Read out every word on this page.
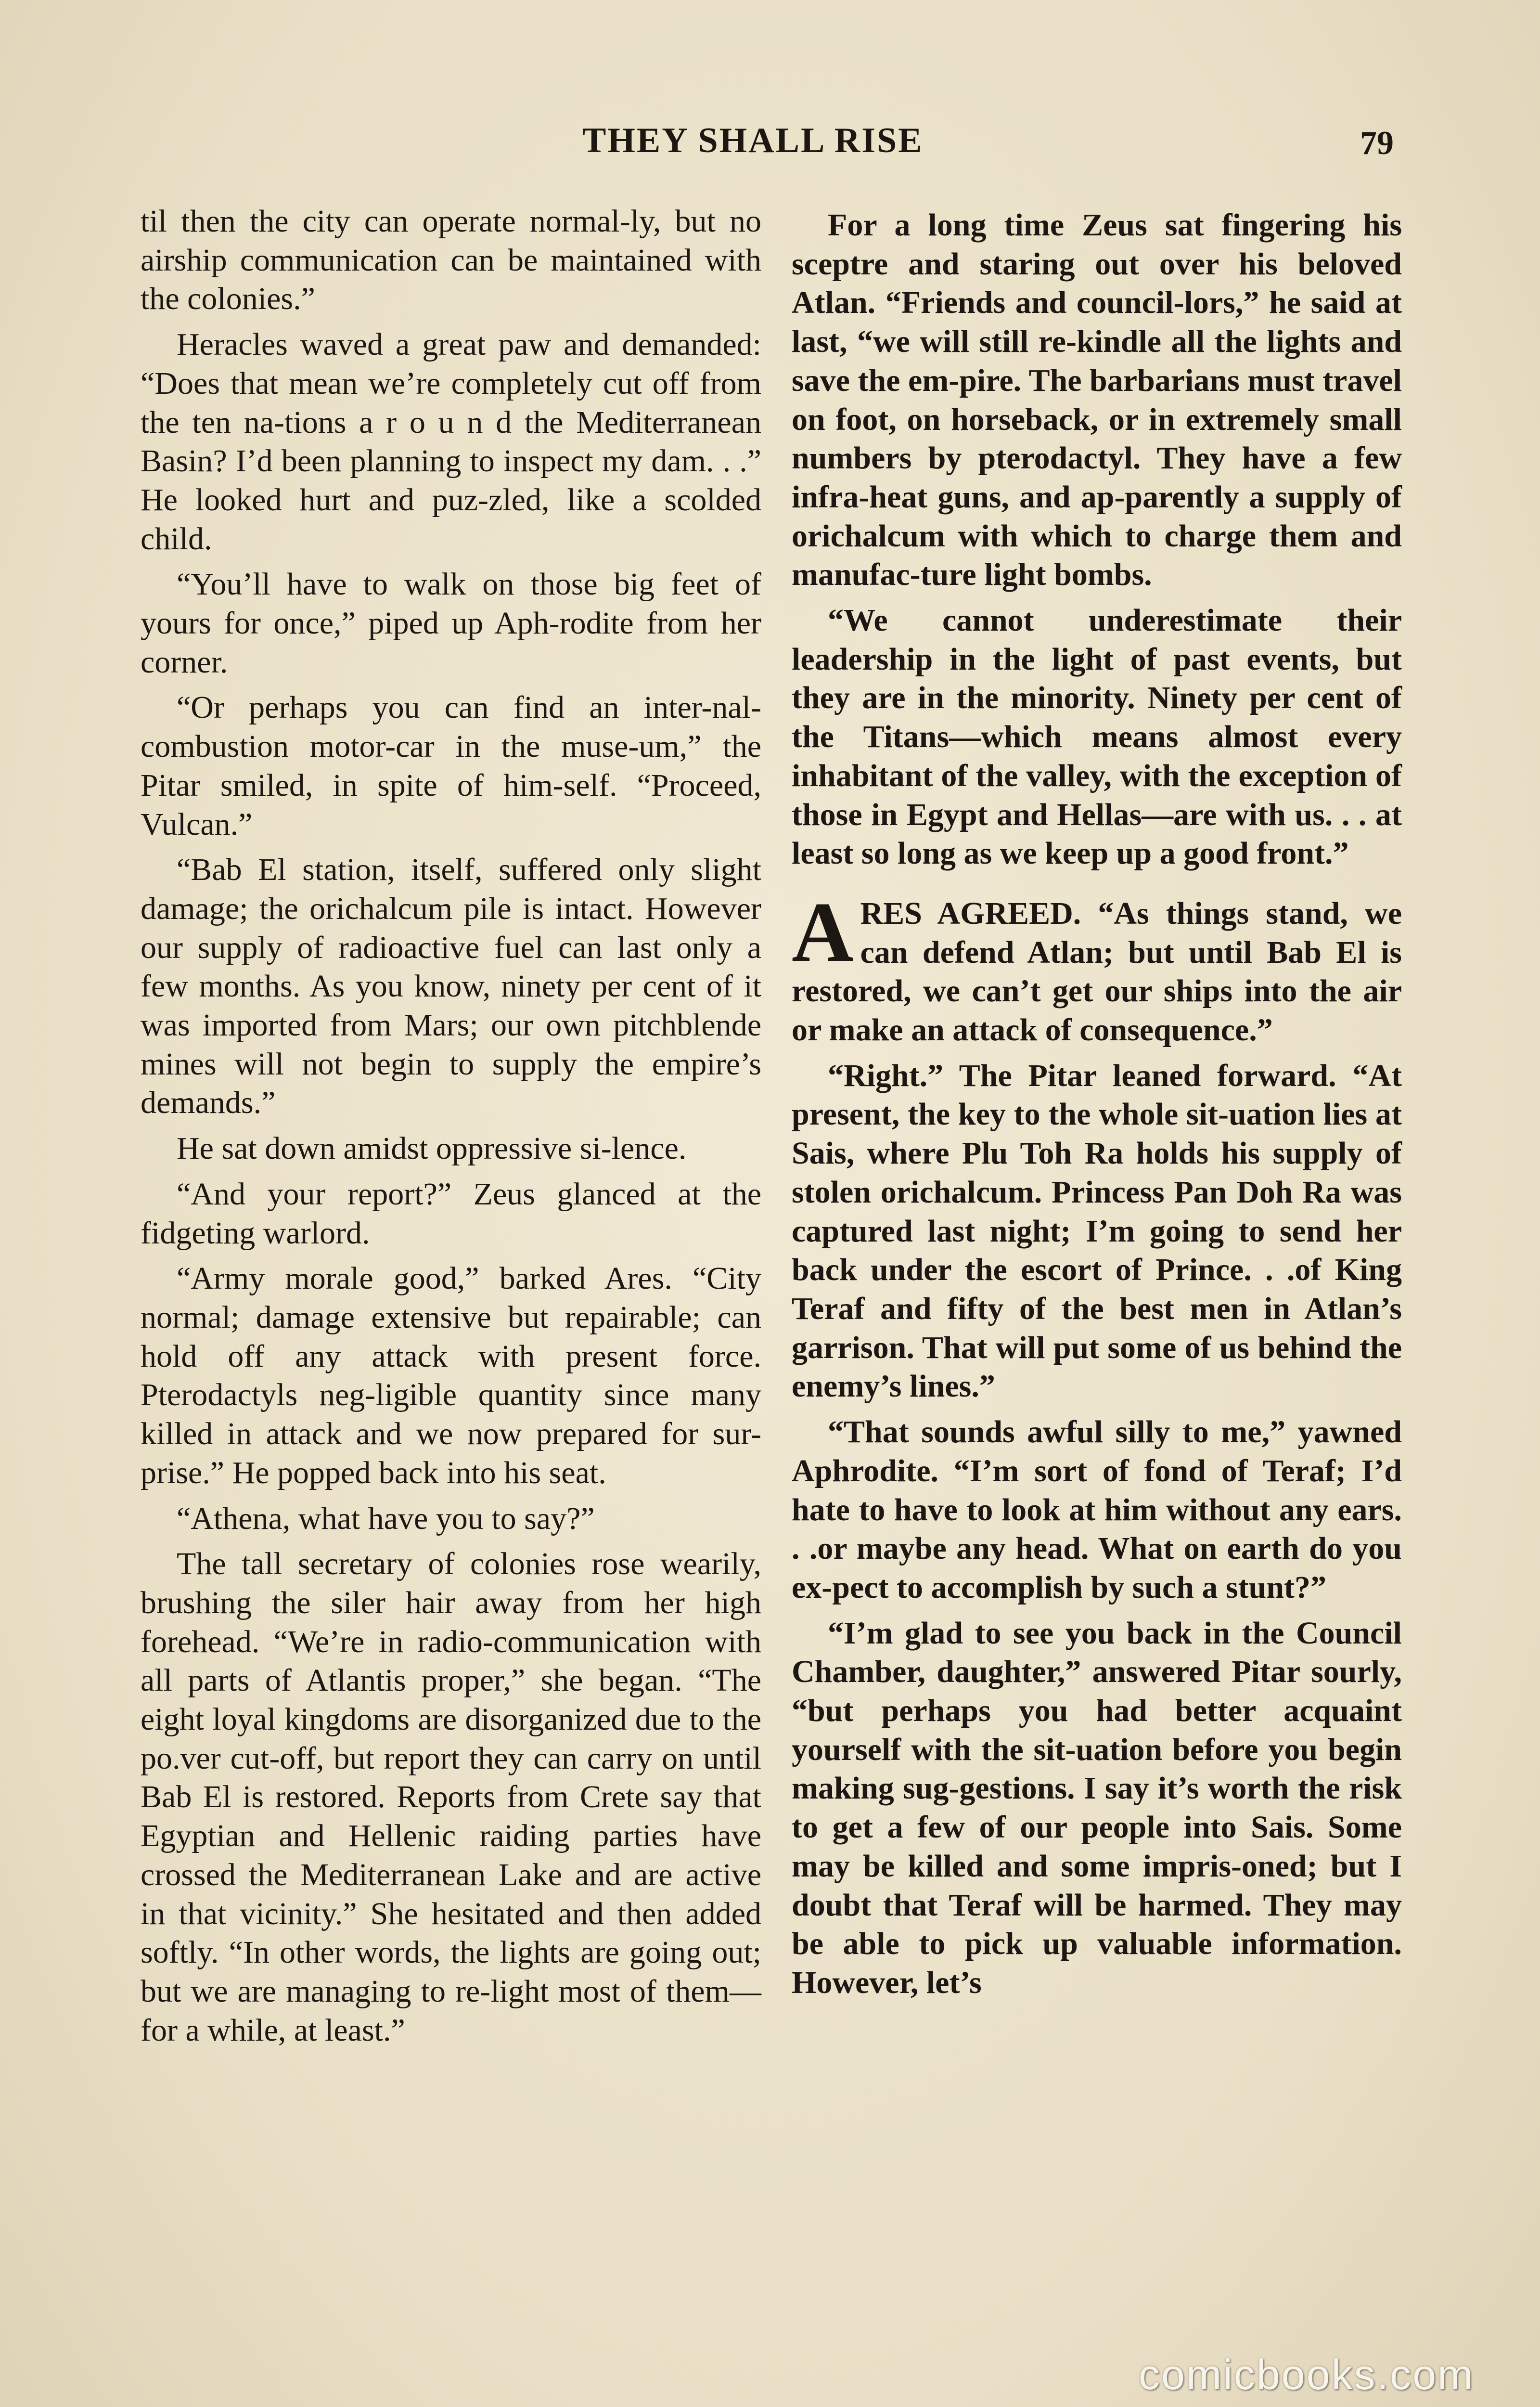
THEY SHALL RISE	79

til then the city can operate normal-ly, but no airship communication can be maintained with the colonies.”

Heracles waved a great paw and demanded: “Does that mean we’re completely cut off from the ten na-tions a r o u n d the Mediterranean Basin? I’d been planning to inspect my dam. . .” He looked hurt and puz-zled, like a scolded child.

“You’ll have to walk on those big feet of yours for once,” piped up Aph-rodite from her corner.

“Or perhaps you can find an inter-nal-combustion motor-car in the muse-um,” the Pitar smiled, in spite of him-self. “Proceed, Vulcan.”

“Bab El station, itself, suffered only slight damage; the orichalcum pile is intact. However our supply of radioactive fuel can last only a few months. As you know, ninety per cent of it was imported from Mars; our own pitchblende mines will not begin to supply the empire’s demands.”

He sat down amidst oppressive si-lence.

“And your report?” Zeus glanced at the fidgeting warlord.

“Army morale good,” barked Ares. “City normal; damage extensive but repairable; can hold off any attack with present force. Pterodactyls neg-ligible quantity since many killed in attack and we now prepared for sur-prise.” He popped back into his seat.

“Athena, what have you to say?”

The tall secretary of colonies rose wearily, brushing the siler hair away from her high forehead. “We’re in radio-communication with all parts of Atlantis proper,” she began. “The eight loyal kingdoms are disorganized due to the po.ver cut-off, but report they can carry on until Bab El is restored. Reports from Crete say that Egyptian and Hellenic raiding parties have crossed the Mediterranean Lake and are active in that vicinity.” She hesitated and then added softly. “In other words, the lights are going out; but we are managing to re-light most of them—for a while, at least.”

For a long time Zeus sat fingering his sceptre and staring out over his beloved Atlan. “Friends and council-lors,” he said at last, “we will still re-kindle all the lights and save the em-pire. The barbarians must travel on foot, on horseback, or in extremely small numbers by pterodactyl. They have a few infra-heat guns, and ap-parently a supply of orichalcum with which to charge them and manufac-ture light bombs.

“We cannot underestimate their leadership in the light of past events, but they are in the minority. Ninety per cent of the Titans—which means almost every inhabitant of the valley, with the exception of those in Egypt and Hellas—are with us. . . at least so long as we keep up a good front.”

ARES AGREED. “As things stand, we can defend Atlan; but until Bab El is restored, we can’t get our ships into the air or make an attack of consequence.”

“Right.” The Pitar leaned forward. “At present, the key to the whole sit-uation lies at Sais, where Plu Toh Ra holds his supply of stolen orichalcum. Princess Pan Doh Ra was captured last night; I’m going to send her back under the escort of Prince. . .of King Teraf and fifty of the best men in Atlan’s garrison. That will put some of us behind the enemy’s lines.”

“That sounds awful silly to me,” yawned Aphrodite. “I’m sort of fond of Teraf; I’d hate to have to look at him without any ears. . .or maybe any head. What on earth do you ex-pect to accomplish by such a stunt?”

“I’m glad to see you back in the Council Chamber, daughter,” answered Pitar sourly, “but perhaps you had better acquaint yourself with the sit-uation before you begin making sug-gestions. I say it’s worth the risk to get a few of our people into Sais. Some may be killed and some impris-oned; but I doubt that Teraf will be harmed. They may be able to pick up valuable information. However, let’s

comicbooks.com
